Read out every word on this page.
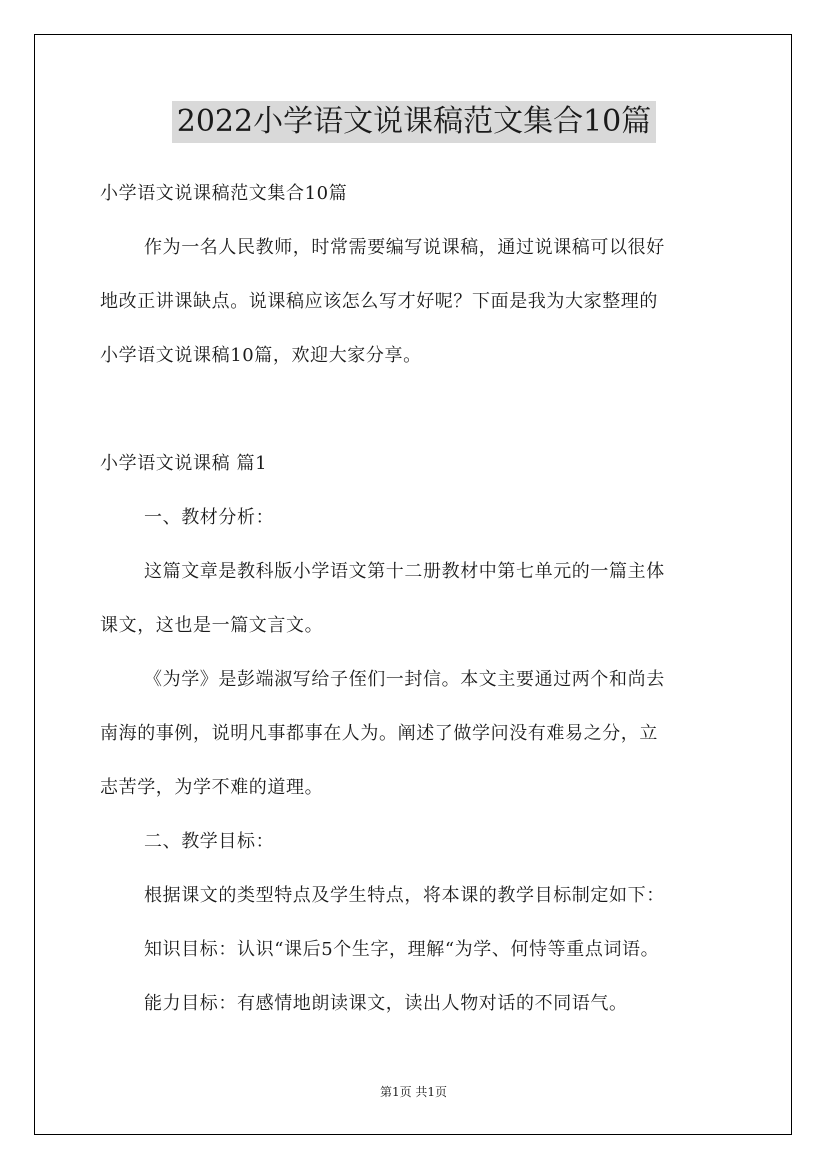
2022小学语文说课稿范文集合10篇
小学语文说课稿范文集合10篇
作为一名人民教师，时常需要编写说课稿，通过说课稿可以很好
地改正讲课缺点。说课稿应该怎么写才好呢？下面是我为大家整理的
小学语文说课稿10篇，欢迎大家分享。
小学语文说课稿 篇1
一、教材分析：
这篇文章是教科版小学语文第十二册教材中第七单元的一篇主体
课文，这也是一篇文言文。
《为学》是彭端淑写给子侄们一封信。本文主要通过两个和尚去
南海的事例，说明凡事都事在人为。阐述了做学问没有难易之分，立
志苦学，为学不难的道理。
二、教学目标：
根据课文的类型特点及学生特点，将本课的教学目标制定如下：
知识目标：认识“课后5个生字，理解“为学、何恃等重点词语。
能力目标：有感情地朗读课文，读出人物对话的不同语气。
第1页 共1页
